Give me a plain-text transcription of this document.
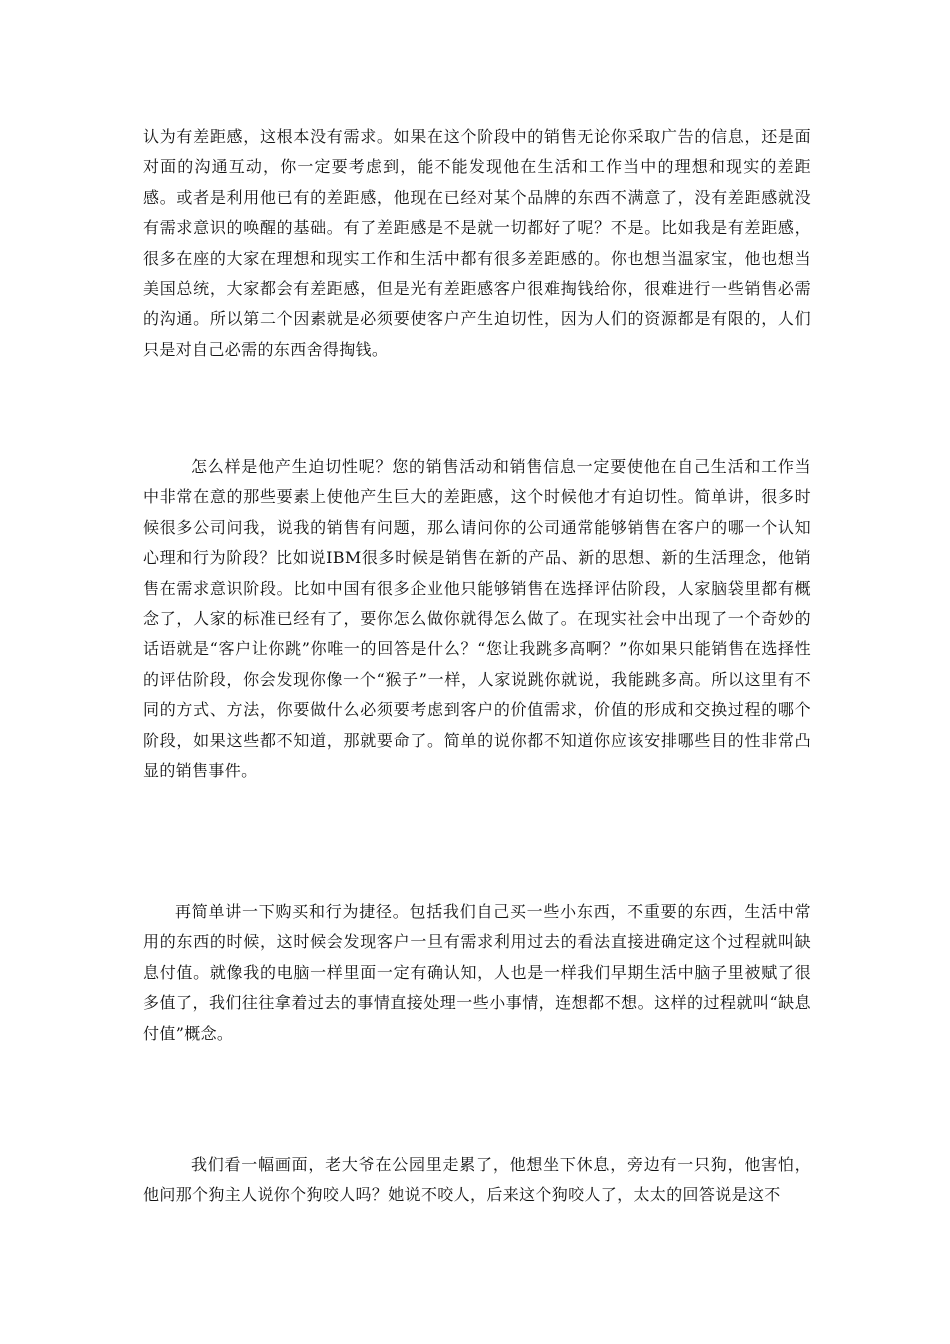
认为有差距感，这根本没有需求。如果在这个阶段中的销售无论你采取广告的信息，还是面对面的沟通互动，你一定要考虑到，能不能发现他在生活和工作当中的理想和现实的差距感。或者是利用他已有的差距感，他现在已经对某个品牌的东西不满意了，没有差距感就没有需求意识的唤醒的基础。有了差距感是不是就一切都好了呢？不是。比如我是有差距感，很多在座的大家在理想和现实工作和生活中都有很多差距感的。你也想当温家宝，他也想当美国总统，大家都会有差距感，但是光有差距感客户很难掏钱给你，很难进行一些销售必需的沟通。所以第二个因素就是必须要使客户产生迫切性，因为人们的资源都是有限的，人们只是对自己必需的东西舍得掏钱。

怎么样是他产生迫切性呢？您的销售活动和销售信息一定要使他在自己生活和工作当中非常在意的那些要素上使他产生巨大的差距感，这个时候他才有迫切性。简单讲，很多时候很多公司问我，说我的销售有问题，那么请问你的公司通常能够销售在客户的哪一个认知心理和行为阶段？比如说IBM很多时候是销售在新的产品、新的思想、新的生活理念，他销售在需求意识阶段。比如中国有很多企业他只能够销售在选择评估阶段，人家脑袋里都有概念了，人家的标准已经有了，要你怎么做你就得怎么做了。在现实社会中出现了一个奇妙的话语就是“客户让你跳”你唯一的回答是什么？“您让我跳多高啊？”你如果只能销售在选择性的评估阶段，你会发现你像一个“猴子”一样，人家说跳你就说，我能跳多高。所以这里有不同的方式、方法，你要做什么必须要考虑到客户的价值需求，价值的形成和交换过程的哪个阶段，如果这些都不知道，那就要命了。简单的说你都不知道你应该安排哪些目的性非常凸显的销售事件。

再简单讲一下购买和行为捷径。包括我们自己买一些小东西，不重要的东西，生活中常用的东西的时候，这时候会发现客户一旦有需求利用过去的看法直接进确定这个过程就叫缺息付值。就像我的电脑一样里面一定有确认知，人也是一样我们早期生活中脑子里被赋了很多值了，我们往往拿着过去的事情直接处理一些小事情，连想都不想。这样的过程就叫“缺息付值”概念。

我们看一幅画面，老大爷在公园里走累了，他想坐下休息，旁边有一只狗，他害怕，他问那个狗主人说你个狗咬人吗？她说不咬人，后来这个狗咬人了，太太的回答说是这不
